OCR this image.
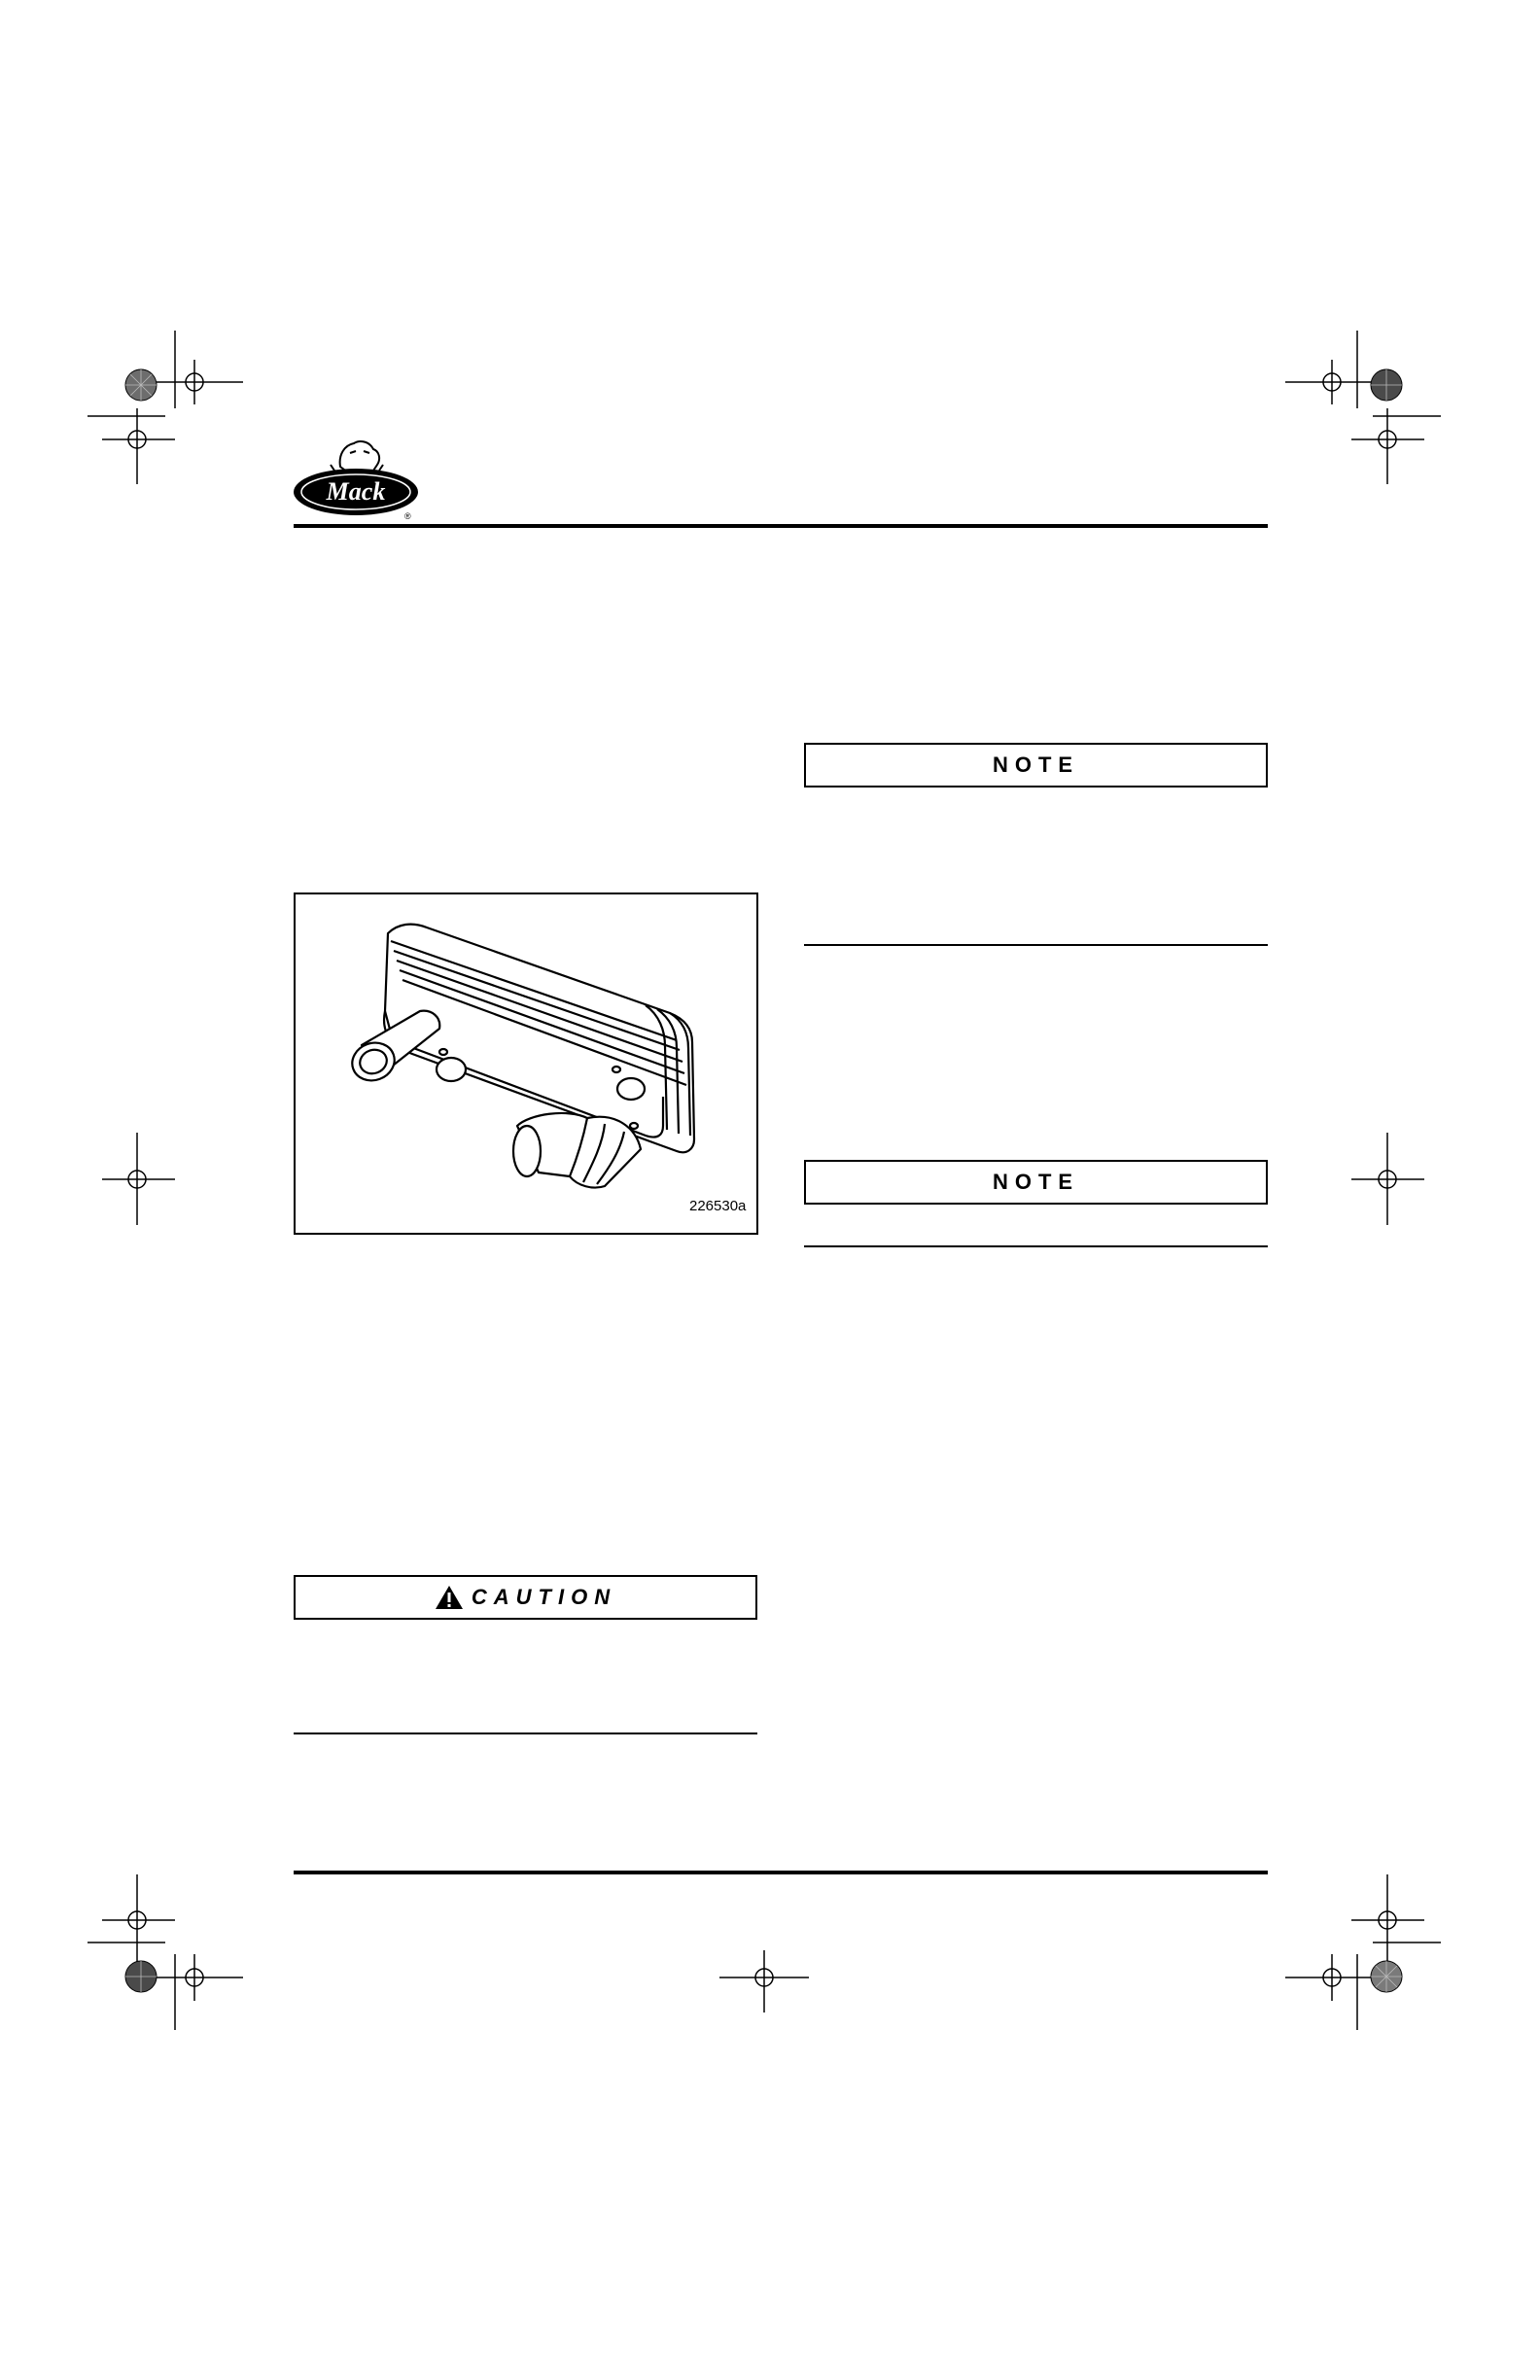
Mack
®
NOTE
226530a
NOTE
CAUTION
